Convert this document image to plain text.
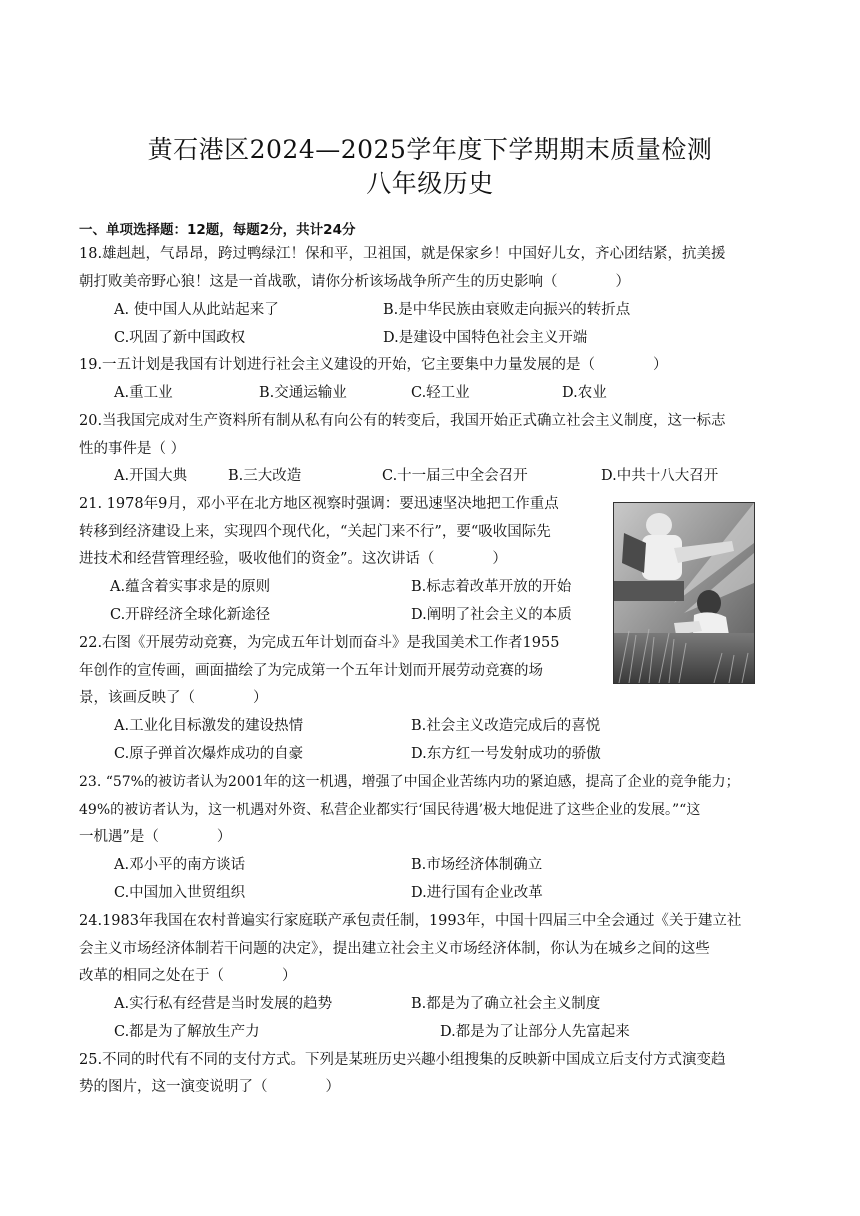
黄石港区2024—2025学年度下学期期末质量检测
八年级历史
一、单项选择题：12题，每题2分，共计24分
18.雄赳赳，气昂昂，跨过鸭绿江！保和平，卫祖国，就是保家乡！中国好儿女，齐心团结紧，抗美援
朝打败美帝野心狼！这是一首战歌，请你分析该场战争所产生的历史影响（　　　　）
A. 使中国人从此站起来了	B.是中华民族由衰败走向振兴的转折点
C.巩固了新中国政权	D.是建设中国特色社会主义开端
19.一五计划是我国有计划进行社会主义建设的开始，它主要集中力量发展的是（　　　　）
A.重工业	B.交通运输业	C.轻工业	D.农业
20.当我国完成对生产资料所有制从私有向公有的转变后，我国开始正式确立社会主义制度，这一标志
性的事件是（ ）
A.开国大典	B.三大改造	C.十一届三中全会召开	D.中共十八大召开
21. 1978年9月，邓小平在北方地区视察时强调：要迅速坚决地把工作重点
转移到经济建设上来，实现四个现代化，“关起门来不行”，要“吸收国际先
进技术和经营管理经验，吸收他们的资金”。这次讲话（　　　　）
A.蕴含着实事求是的原则	B.标志着改革开放的开始
C.开辟经济全球化新途径	D.阐明了社会主义的本质
22.右图《开展劳动竞赛，为完成五年计划而奋斗》是我国美术工作者1955
年创作的宣传画，画面描绘了为完成第一个五年计划而开展劳动竞赛的场
景，该画反映了（　　　　）
A.工业化目标激发的建设热情	B.社会主义改造完成后的喜悦
C.原子弹首次爆炸成功的自豪	D.东方红一号发射成功的骄傲
23. “57%的被访者认为2001年的这一机遇，增强了中国企业苦练内功的紧迫感，提高了企业的竞争能力；
49%的被访者认为，这一机遇对外资、私营企业都实行‘国民待遇’极大地促进了这些企业的发展。”“这
一机遇”是（　　　　）
A.邓小平的南方谈话	B.市场经济体制确立
C.中国加入世贸组织	D.进行国有企业改革
24.1983年我国在农村普遍实行家庭联产承包责任制，1993年，中国十四届三中全会通过《关于建立社
会主义市场经济体制若干问题的决定》，提出建立社会主义市场经济体制，你认为在城乡之间的这些
改革的相同之处在于（　　　　）
A.实行私有经营是当时发展的趋势	B.都是为了确立社会主义制度
C.都是为了解放生产力	D.都是为了让部分人先富起来
25.不同的时代有不同的支付方式。下列是某班历史兴趣小组搜集的反映新中国成立后支付方式演变趋
势的图片，这一演变说明了（　　　　）
